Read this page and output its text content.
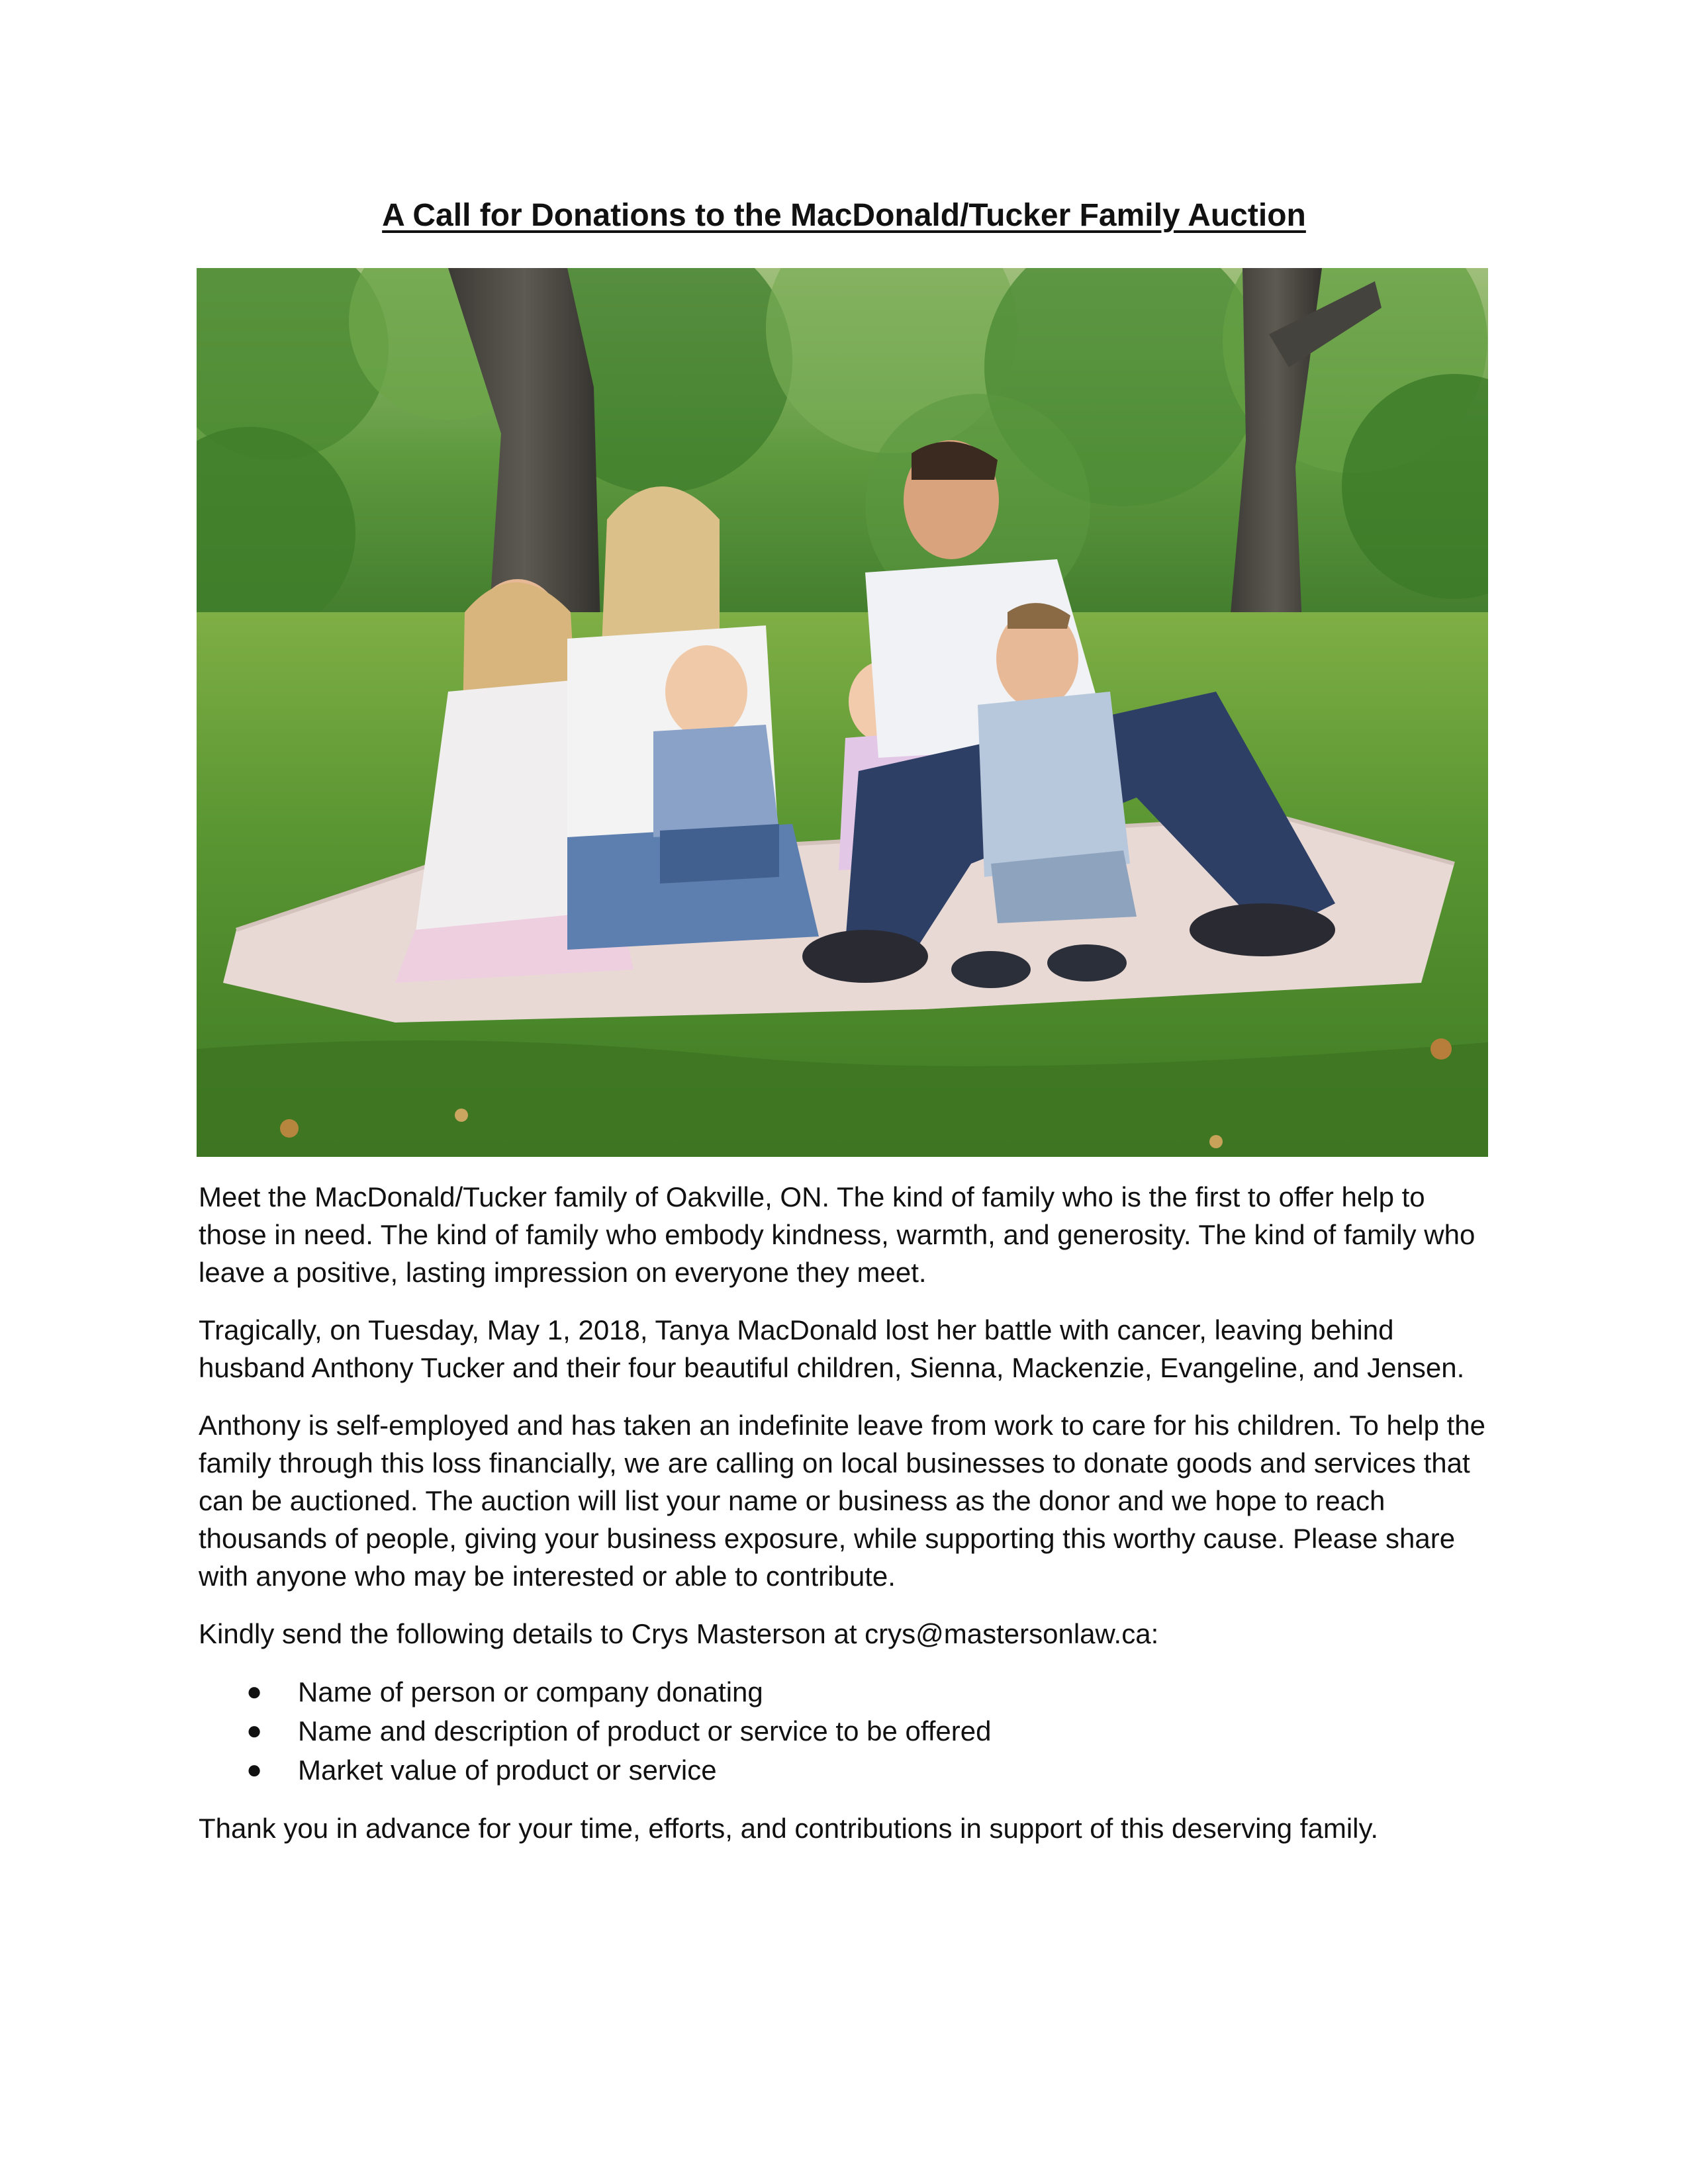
A Call for Donations to the MacDonald/Tucker Family Auction

Meet the MacDonald/Tucker family of Oakville, ON. The kind of family who is the first to offer help to those in need. The kind of family who embody kindness, warmth, and generosity. The kind of family who leave a positive, lasting impression on everyone they meet.

Tragically, on Tuesday, May 1, 2018, Tanya MacDonald lost her battle with cancer, leaving behind husband Anthony Tucker and their four beautiful children, Sienna, Mackenzie, Evangeline, and Jensen.

Anthony is self-employed and has taken an indefinite leave from work to care for his children. To help the family through this loss financially, we are calling on local businesses to donate goods and services that can be auctioned. The auction will list your name or business as the donor and we hope to reach thousands of people, giving your business exposure, while supporting this worthy cause. Please share with anyone who may be interested or able to contribute.

Kindly send the following details to Crys Masterson at crys@mastersonlaw.ca:

● Name of person or company donating
● Name and description of product or service to be offered
● Market value of product or service

Thank you in advance for your time, efforts, and contributions in support of this deserving family.
